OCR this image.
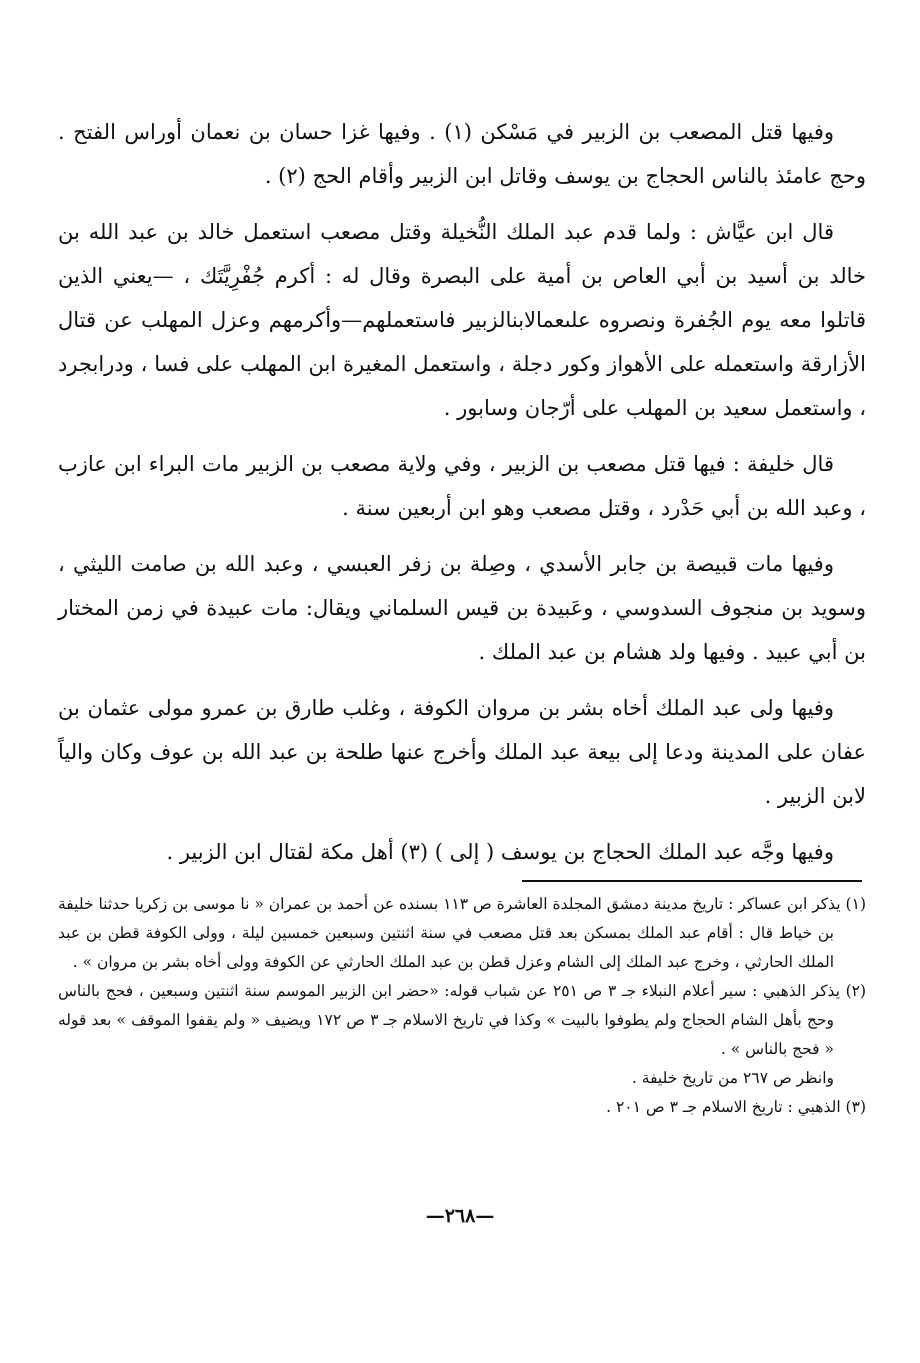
وفيها قتل المصعب بن الزبير في مَسْكن (١) . وفيها غزا حسان بن نعمان أوراس الفتح . وحج عامئذ بالناس الحجاج بن يوسف وقاتل ابن الزبير وأقام الحج (٢) .

قال ابن عيَّاش : ولما قدم عبد الملك النُّخيلة وقتل مصعب استعمل خالد بن عبد الله بن خالد بن أسيد بن أبي العاص بن أمية على البصرة وقال له : أكرم جُفْرِيَّتَك ، —يعني الذين قاتلوا معه يوم الجُفرة ونصروه علىعمالابنالزبير فاستعملهم—وأكرمهم وعزل المهلب عن قتال الأزارقة واستعمله على الأهواز وكور دجلة ، واستعمل المغيرة ابن المهلب على فسا ، ودرابجرد ، واستعمل سعيد بن المهلب على أرّجان وسابور .

قال خليفة : فيها قتل مصعب بن الزبير ، وفي ولاية مصعب بن الزبير مات البراء ابن عازب ، وعبد الله بن أبي حَدْرد ، وقتل مصعب وهو ابن أربعين سنة .

وفيها مات قبيصة بن جابر الأسدي ، وصِلة بن زفر العبسي ، وعبد الله بن صامت الليثي ، وسويد بن منجوف السدوسي ، وعَبيدة بن قيس السلماني ويقال: مات عبيدة في زمن المختار بن أبي عبيد . وفيها ولد هشام بن عبد الملك .

وفيها ولى عبد الملك أخاه بشر بن مروان الكوفة ، وغلب طارق بن عمرو مولى عثمان بن عفان على المدينة ودعا إلى بيعة عبد الملك وأخرج عنها طلحة بن عبد الله بن عوف وكان والياً لابن الزبير .

وفيها وجَّه عبد الملك الحجاج بن يوسف ( إلى ) (٣) أهل مكة لقتال ابن الزبير .

(١) يذكر ابن عساكر : تاريخ مدينة دمشق المجلدة العاشرة ص ١١٣ بسنده عن أحمد بن عمران « نا موسى بن زكريا حدثنا خليفة بن خياط قال : أقام عبد الملك بمسكن بعد قتل مصعب في سنة اثنتين وسبعين خمسين ليلة ، وولى الكوفة قطن بن عبد الملك الحارثي ، وخرج عبد الملك إلى الشام وعزل قطن بن عبد الملك الحارثي عن الكوفة وولى أخاه بشر بن مروان » .

(٢) يذكر الذهبي : سير أعلام النبلاء جـ ٣ ص ٢٥١ عن شباب قوله: «حضر ابن الزبير الموسم سنة اثنتين وسبعين ، فحج بالناس وحج بأهل الشام الحجاج ولم يطوفوا بالبيت » وكذا في تاريخ الاسلام جـ ٣ ص ١٧٢ ويضيف « ولم يقفوا الموقف » بعد قوله « فحج بالناس » .

وانظر ص ٢٦٧ من تاريخ خليفة .

(٣) الذهبي : تاريخ الاسلام جـ ٣ ص ٢٠١ .

—٢٦٨—
